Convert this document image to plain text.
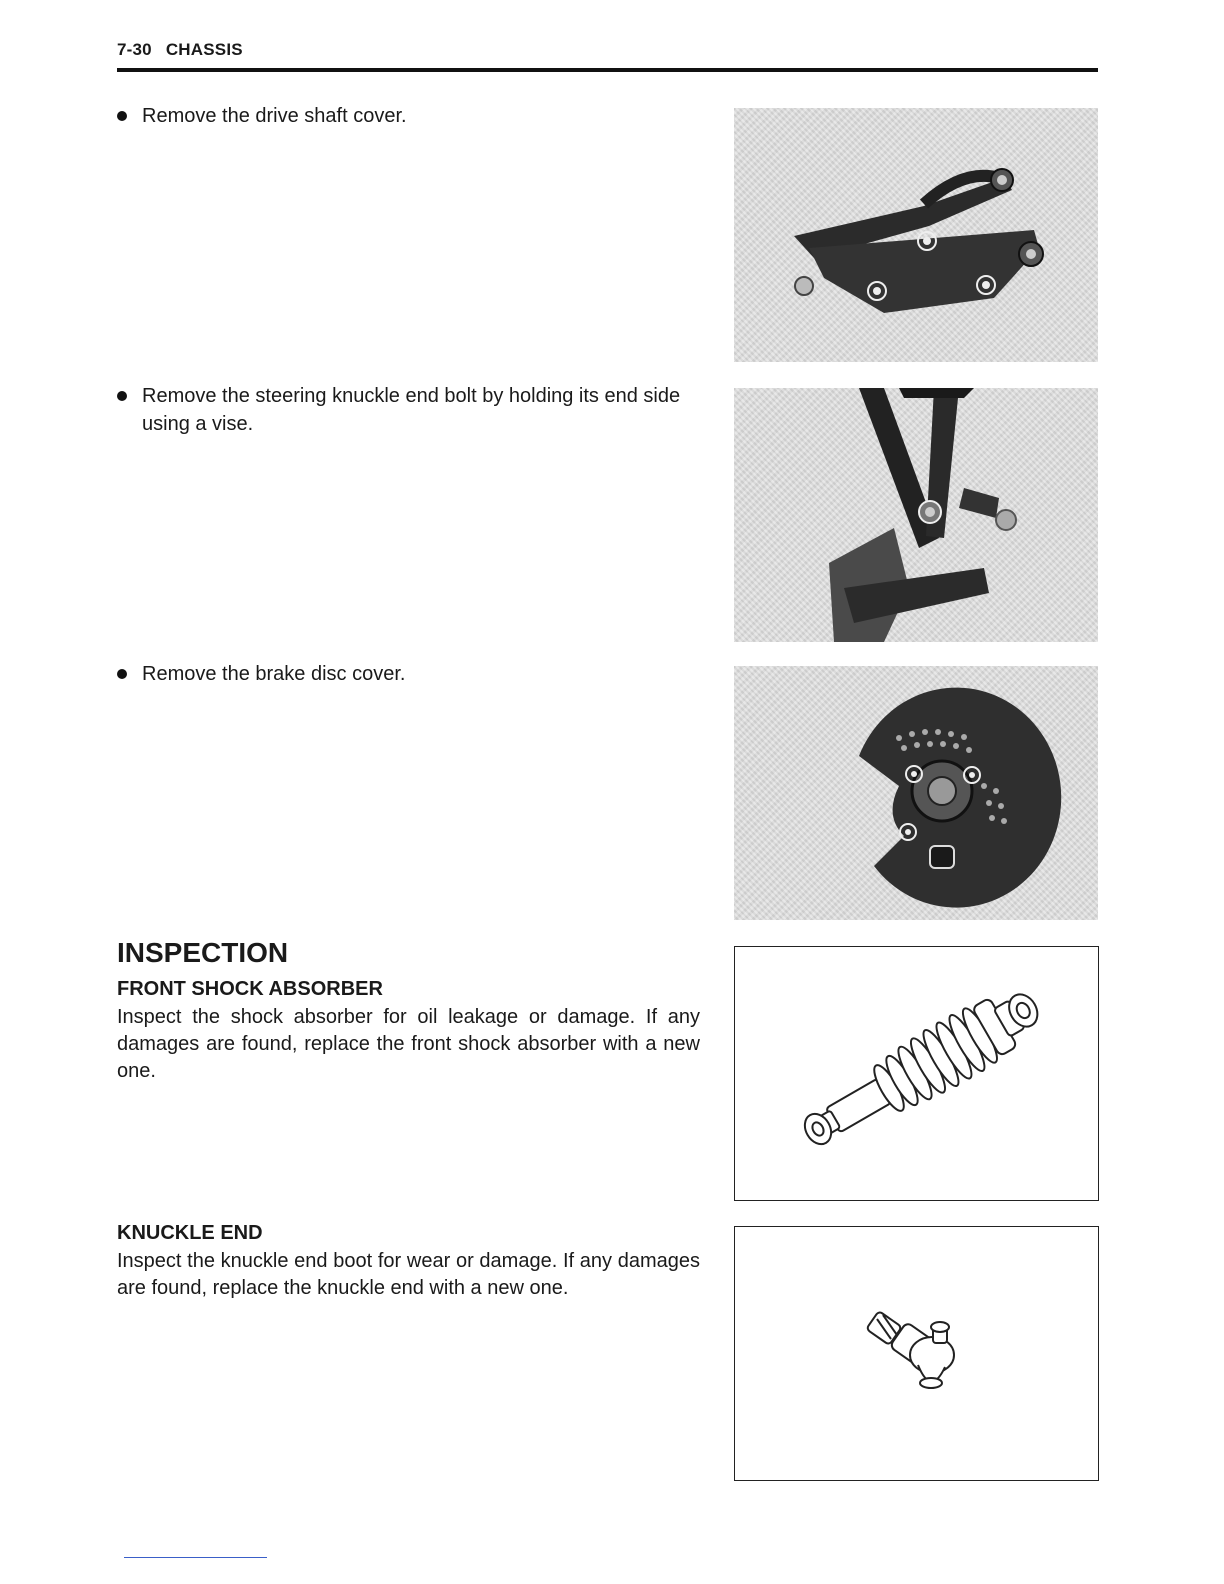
7-30 CHASSIS
Remove the drive shaft cover.
Remove the steering knuckle end bolt by holding its end side using a vise.
Remove the brake disc cover.
INSPECTION
FRONT SHOCK ABSORBER

Inspect the shock absorber for oil leakage or damage. If any damages are found, replace the front shock absorber with a new one.

KNUCKLE END

Inspect the knuckle end boot for wear or damage. If any damages are found, replace the knuckle end with a new one.
